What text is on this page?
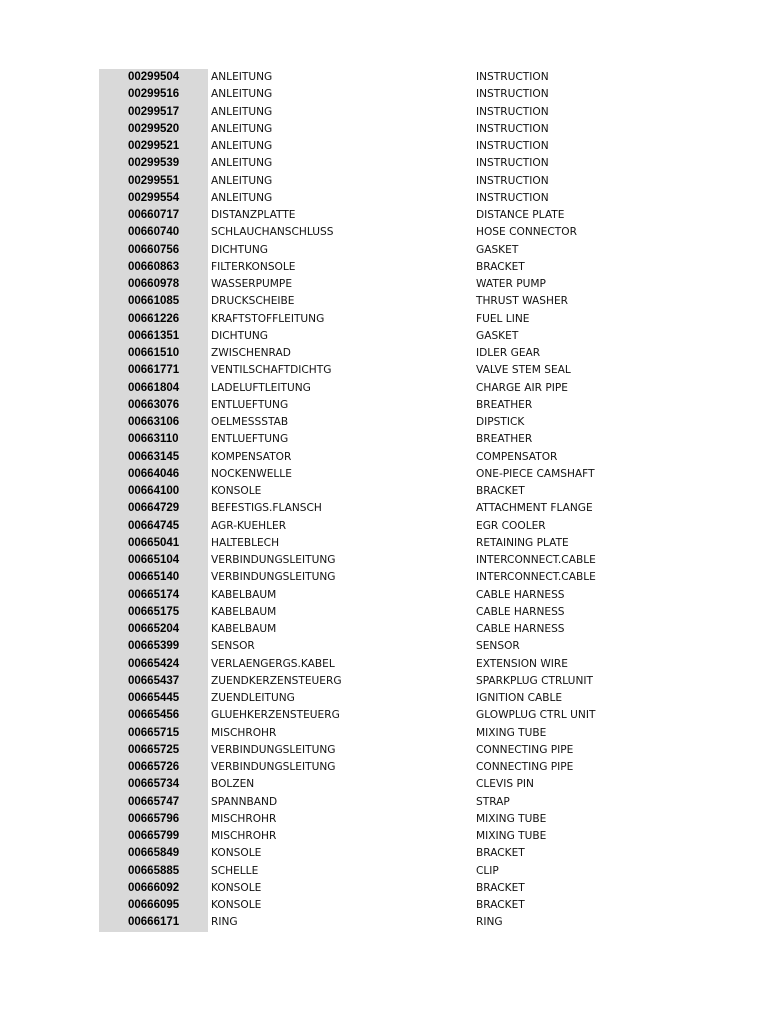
00299504	ANLEITUNG	INSTRUCTION
00299516	ANLEITUNG	INSTRUCTION
00299517	ANLEITUNG	INSTRUCTION
00299520	ANLEITUNG	INSTRUCTION
00299521	ANLEITUNG	INSTRUCTION
00299539	ANLEITUNG	INSTRUCTION
00299551	ANLEITUNG	INSTRUCTION
00299554	ANLEITUNG	INSTRUCTION
00660717	DISTANZPLATTE	DISTANCE PLATE
00660740	SCHLAUCHANSCHLUSS	HOSE CONNECTOR
00660756	DICHTUNG	GASKET
00660863	FILTERKONSOLE	BRACKET
00660978	WASSERPUMPE	WATER PUMP
00661085	DRUCKSCHEIBE	THRUST WASHER
00661226	KRAFTSTOFFLEITUNG	FUEL LINE
00661351	DICHTUNG	GASKET
00661510	ZWISCHENRAD	IDLER GEAR
00661771	VENTILSCHAFTDICHTG	VALVE STEM SEAL
00661804	LADELUFTLEITUNG	CHARGE AIR PIPE
00663076	ENTLUEFTUNG	BREATHER
00663106	OELMESSSTAB	DIPSTICK
00663110	ENTLUEFTUNG	BREATHER
00663145	KOMPENSATOR	COMPENSATOR
00664046	NOCKENWELLE	ONE-PIECE CAMSHAFT
00664100	KONSOLE	BRACKET
00664729	BEFESTIGS.FLANSCH	ATTACHMENT FLANGE
00664745	AGR-KUEHLER	EGR COOLER
00665041	HALTEBLECH	RETAINING PLATE
00665104	VERBINDUNGSLEITUNG	INTERCONNECT.CABLE
00665140	VERBINDUNGSLEITUNG	INTERCONNECT.CABLE
00665174	KABELBAUM	CABLE HARNESS
00665175	KABELBAUM	CABLE HARNESS
00665204	KABELBAUM	CABLE HARNESS
00665399	SENSOR	SENSOR
00665424	VERLAENGERGS.KABEL	EXTENSION WIRE
00665437	ZUENDKERZENSTEUERG	SPARKPLUG CTRLUNIT
00665445	ZUENDLEITUNG	IGNITION CABLE
00665456	GLUEHKERZENSTEUERG	GLOWPLUG CTRL UNIT
00665715	MISCHROHR	MIXING TUBE
00665725	VERBINDUNGSLEITUNG	CONNECTING PIPE
00665726	VERBINDUNGSLEITUNG	CONNECTING PIPE
00665734	BOLZEN	CLEVIS PIN
00665747	SPANNBAND	STRAP
00665796	MISCHROHR	MIXING TUBE
00665799	MISCHROHR	MIXING TUBE
00665849	KONSOLE	BRACKET
00665885	SCHELLE	CLIP
00666092	KONSOLE	BRACKET
00666095	KONSOLE	BRACKET
00666171	RING	RING
